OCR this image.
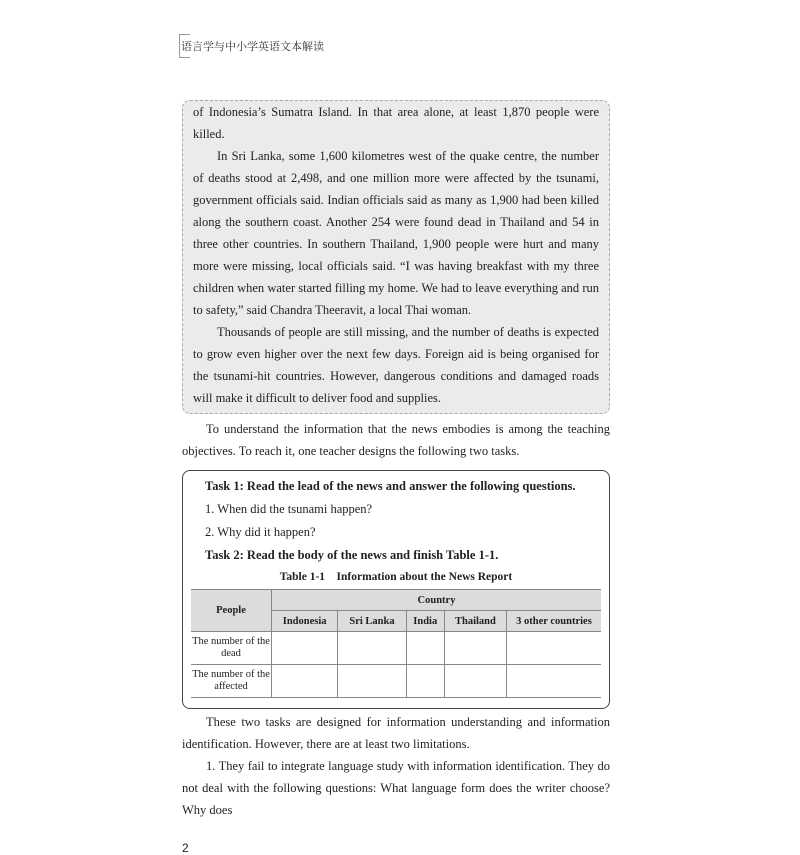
语言学与中小学英语文本解读

of Indonesia’s Sumatra Island. In that area alone, at least 1,870 people were killed.

In Sri Lanka, some 1,600 kilometres west of the quake centre, the number of deaths stood at 2,498, and one million more were affected by the tsunami, government officials said. Indian officials said as many as 1,900 had been killed along the southern coast. Another 254 were found dead in Thailand and 54 in three other countries. In southern Thailand, 1,900 people were hurt and many more were missing, local officials said. “I was having breakfast with my three children when water started filling my home. We had to leave everything and run to safety,” said Chandra Theeravit, a local Thai woman.

Thousands of people are still missing, and the number of deaths is expected to grow even higher over the next few days. Foreign aid is being organised for the tsunami-hit countries. However, dangerous conditions and damaged roads will make it difficult to deliver food and supplies.

To understand the information that the news embodies is among the teaching objectives. To reach it, one teacher designs the following two tasks.

Task 1: Read the lead of the news and answer the following questions.
1. When did the tsunami happen?
2. Why did it happen?
Task 2: Read the body of the news and finish Table 1-1.
Table 1-1    Information about the News Report
People	Country				
	Indonesia	Sri Lanka	India	Thailand	3 other countries
The number of the dead					
The number of the affected					

These two tasks are designed for information understanding and information identification. However, there are at least two limitations.

1. They fail to integrate language study with information identification. They do not deal with the following questions: What language form does the writer choose? Why does

2
